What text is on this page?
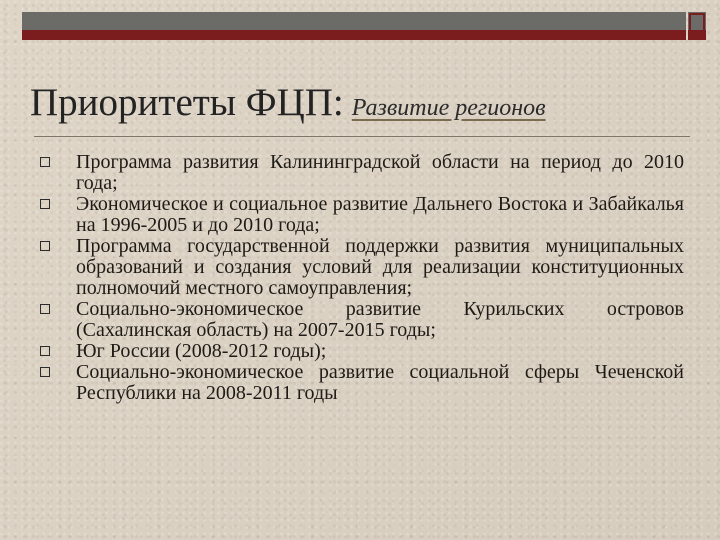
Приоритеты ФЦП: Развитие регионов
Программа развития Калининградской области на период до 2010 года;
Экономическое и социальное развитие Дальнего Востока и Забайкалья на 1996-2005 и до 2010 года;
Программа государственной поддержки развития муниципальных образований и создания условий для реализации конституционных полномочий местного самоуправления;
Социально-экономическое развитие Курильских островов (Сахалинская область) на 2007-2015 годы;
Юг России (2008-2012 годы);
Социально-экономическое развитие социальной сферы Чеченской Республики на 2008-2011 годы
